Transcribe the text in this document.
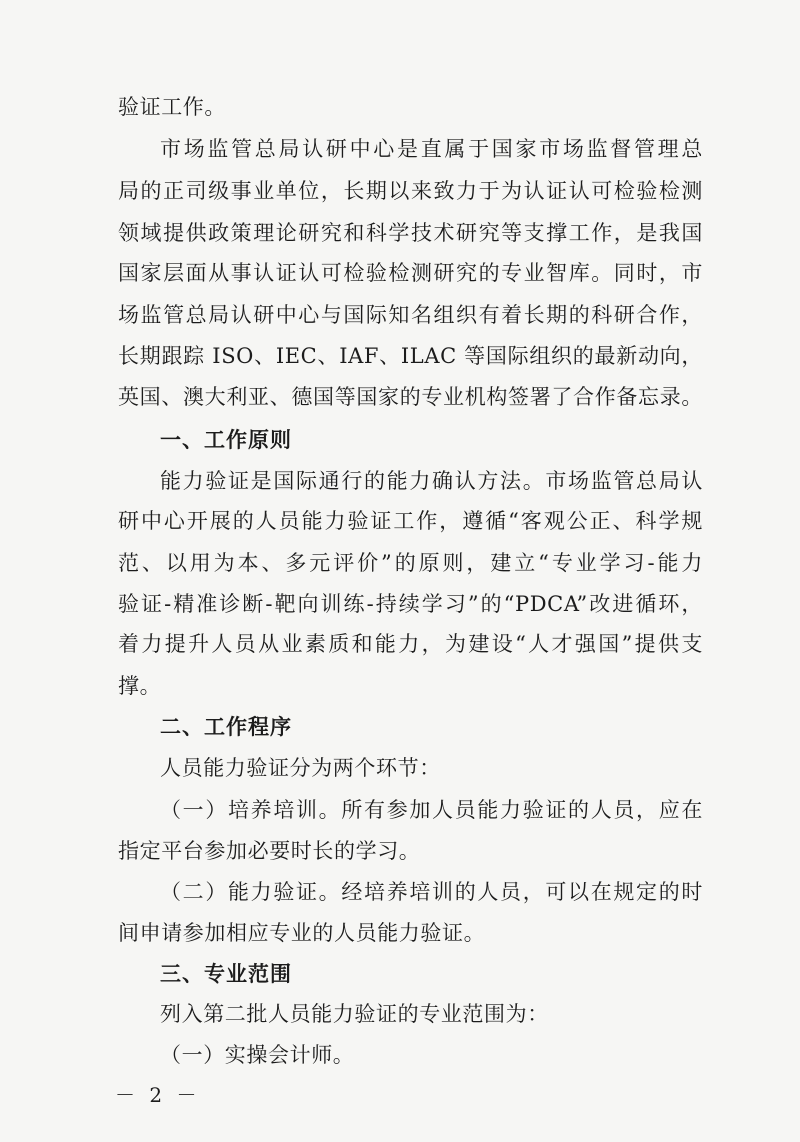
验证工作。
市场监管总局认研中心是直属于国家市场监督管理总
局的正司级事业单位，长期以来致力于为认证认可检验检测
领域提供政策理论研究和科学技术研究等支撑工作，是我国
国家层面从事认证认可检验检测研究的专业智库。同时，市
场监管总局认研中心与国际知名组织有着长期的科研合作，
长期跟踪 ISO、IEC、IAF、ILAC 等国际组织的最新动向，
英国、澳大利亚、德国等国家的专业机构签署了合作备忘录。
一、工作原则
能力验证是国际通行的能力确认方法。市场监管总局认
研中心开展的人员能力验证工作，遵循“客观公正、科学规
范、以用为本、多元评价”的原则，建立“专业学习-能力
验证-精准诊断-靶向训练-持续学习”的“PDCA”改进循环，
着力提升人员从业素质和能力，为建设“人才强国”提供支
撑。
二、工作程序
人员能力验证分为两个环节：
（一）培养培训。所有参加人员能力验证的人员，应在
指定平台参加必要时长的学习。
（二）能力验证。经培养培训的人员，可以在规定的时
间申请参加相应专业的人员能力验证。
三、专业范围
列入第二批人员能力验证的专业范围为：
（一）实操会计师。
－ 2 －
